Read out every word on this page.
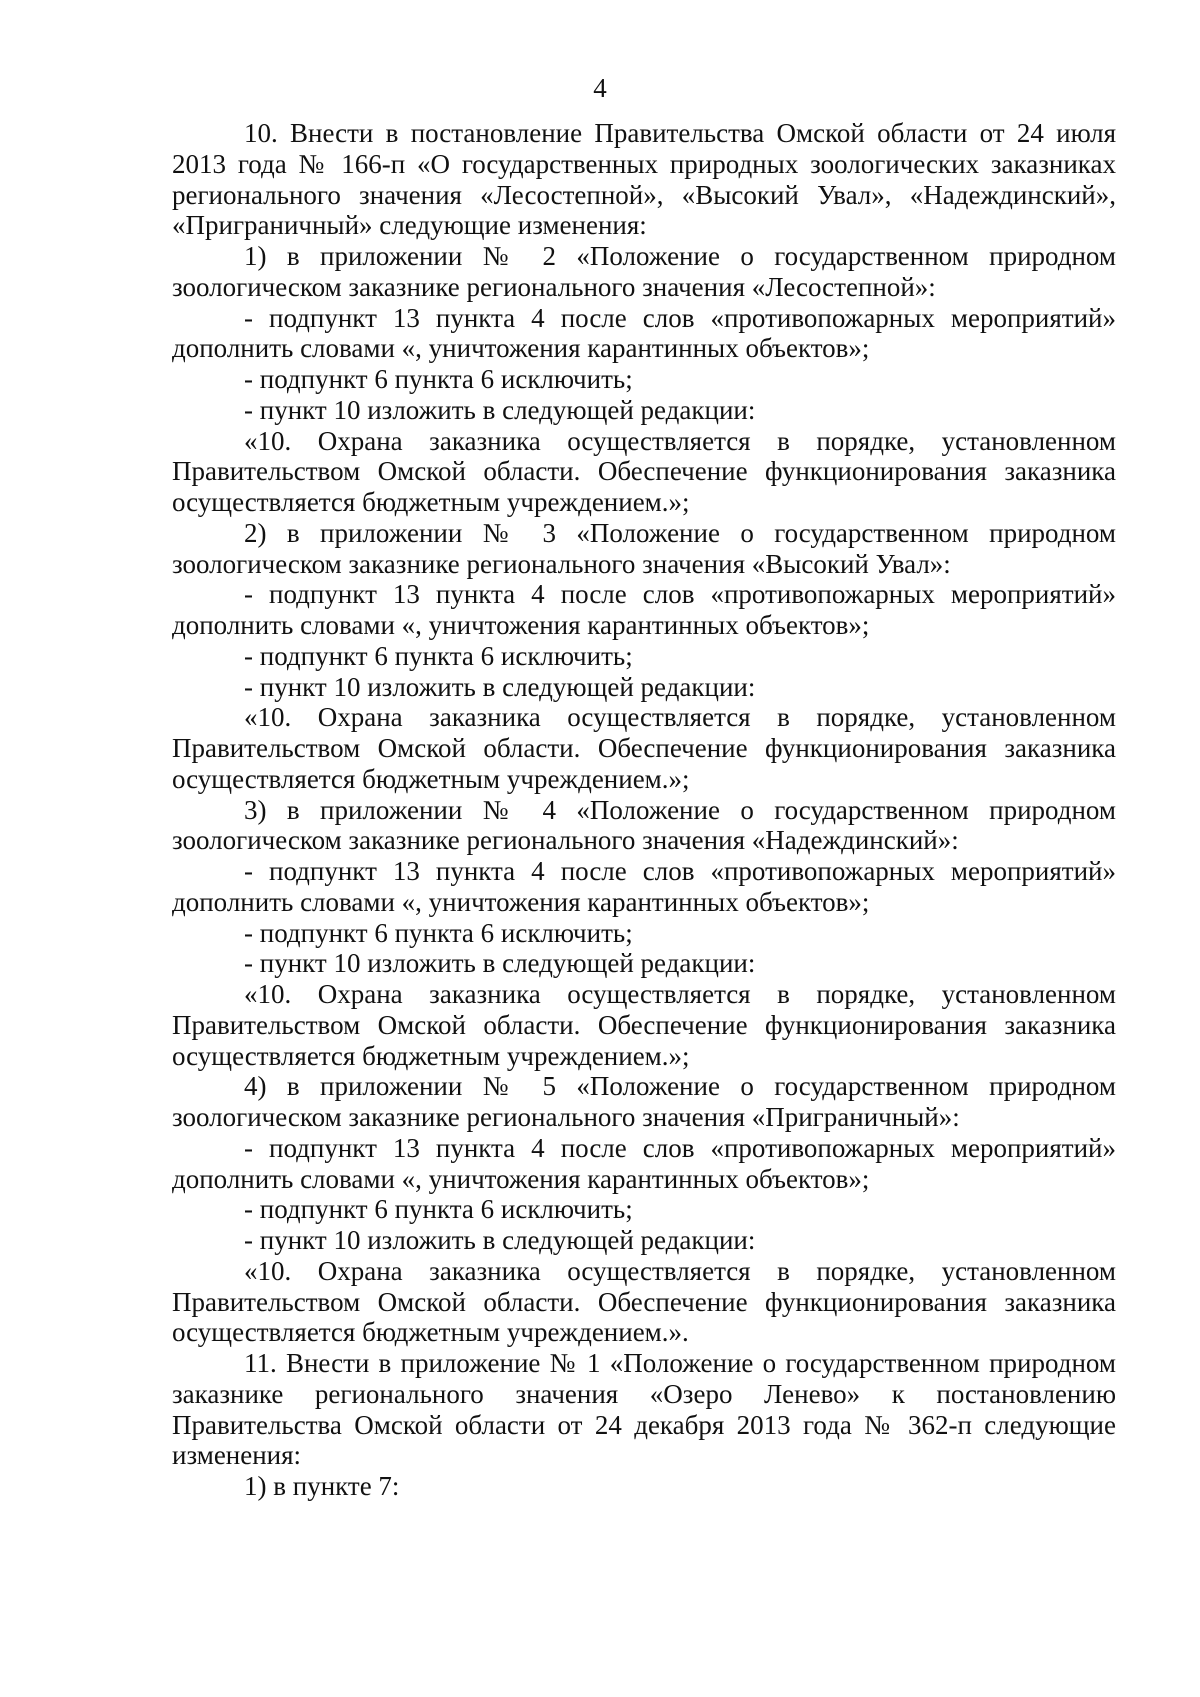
4

10. Внести в постановление Правительства Омской области от 24 июля 2013 года № 166-п «О государственных природных зоологических заказниках регионального значения «Лесостепной», «Высокий Увал», «Надеждинский», «Приграничный» следующие изменения:

1) в приложении № 2 «Положение о государственном природном зоологическом заказнике регионального значения «Лесостепной»:

- подпункт 13 пункта 4 после слов «противопожарных мероприятий» дополнить словами «, уничтожения карантинных объектов»;

- подпункт 6 пункта 6 исключить;

- пункт 10 изложить в следующей редакции:

«10. Охрана заказника осуществляется в порядке, установленном Правительством Омской области. Обеспечение функционирования заказника осуществляется бюджетным учреждением.»;

2) в приложении № 3 «Положение о государственном природном зоологическом заказнике регионального значения «Высокий Увал»:

- подпункт 13 пункта 4 после слов «противопожарных мероприятий» дополнить словами «, уничтожения карантинных объектов»;

- подпункт 6 пункта 6 исключить;

- пункт 10 изложить в следующей редакции:

«10. Охрана заказника осуществляется в порядке, установленном Правительством Омской области. Обеспечение функционирования заказника осуществляется бюджетным учреждением.»;

3) в приложении № 4 «Положение о государственном природном зоологическом заказнике регионального значения «Надеждинский»:

- подпункт 13 пункта 4 после слов «противопожарных мероприятий» дополнить словами «, уничтожения карантинных объектов»;

- подпункт 6 пункта 6 исключить;

- пункт 10 изложить в следующей редакции:

«10. Охрана заказника осуществляется в порядке, установленном Правительством Омской области. Обеспечение функционирования заказника осуществляется бюджетным учреждением.»;

4) в приложении № 5 «Положение о государственном природном зоологическом заказнике регионального значения «Приграничный»:

- подпункт 13 пункта 4 после слов «противопожарных мероприятий» дополнить словами «, уничтожения карантинных объектов»;

- подпункт 6 пункта 6 исключить;

- пункт 10 изложить в следующей редакции:

«10. Охрана заказника осуществляется в порядке, установленном Правительством Омской области. Обеспечение функционирования заказника осуществляется бюджетным учреждением.».

11. Внести в приложение № 1 «Положение о государственном природном заказнике регионального значения «Озеро Ленево» к постановлению Правительства Омской области от 24 декабря 2013 года № 362-п следующие изменения:

1) в пункте 7:
